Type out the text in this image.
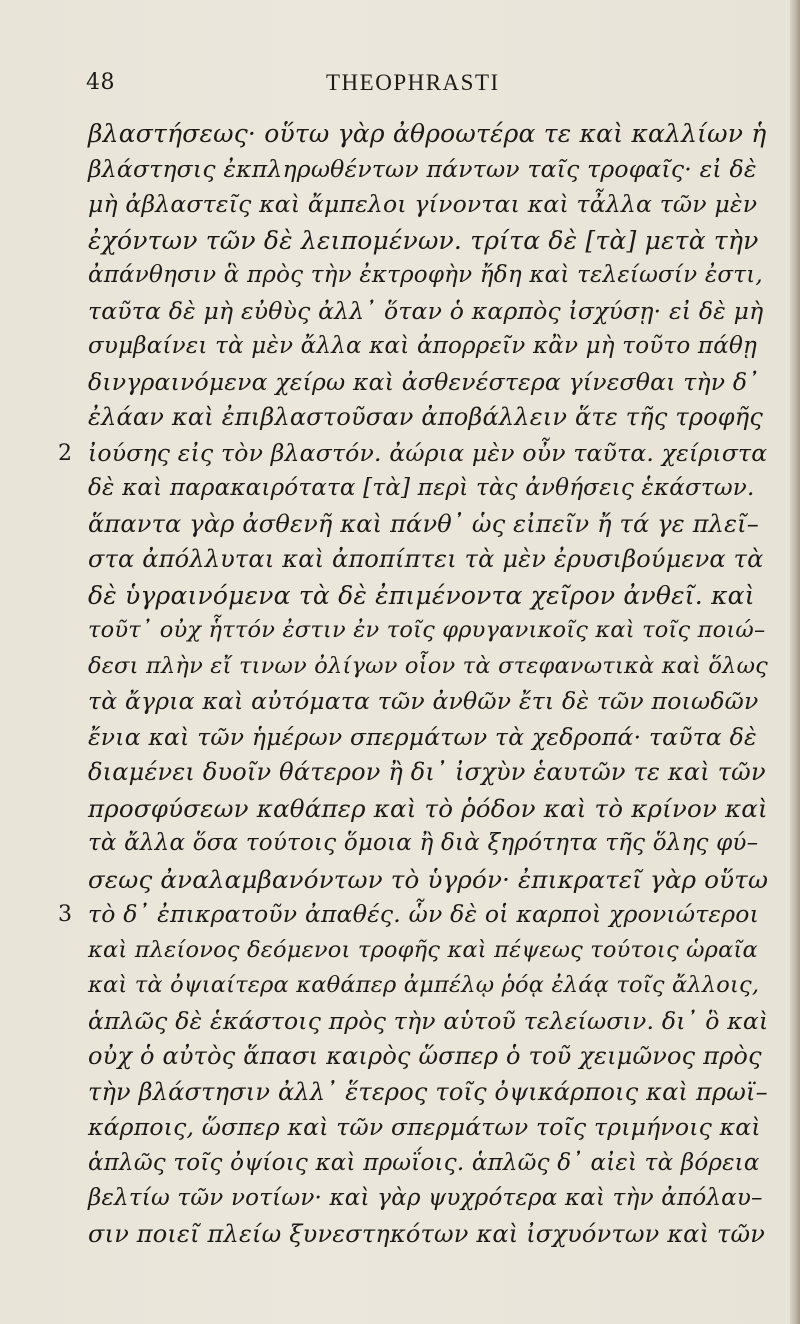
48	THEOPHRASTI
βλαστήσεως· οὕτω γὰρ ἀθροωτέρα τε καὶ καλλίων ἡ
βλάστησις ἐκπληρωθέντων πάντων ταῖς τροφαῖς· εἰ δὲ
μὴ ἀβλαστεῖς καὶ ἄμπελοι γίνονται καὶ τἆλλα τῶν μὲν
ἐχόντων τῶν δὲ λειπομένων. τρίτα δὲ [τὰ] μετὰ τὴν
ἀπάνθησιν ἃ πρὸς τὴν ἐκτροφὴν ἤδη καὶ τελείωσίν ἐστι,
ταῦτα δὲ μὴ εὐθὺς ἀλλ᾽ ὅταν ὁ καρπὸς ἰσχύσῃ· εἰ δὲ μὴ
συμβαίνει τὰ μὲν ἄλλα καὶ ἀπορρεῖν κἂν μὴ τοῦτο πάθῃ
δινγραινόμενα χείρω καὶ ἀσθενέστερα γίνεσθαι τὴν δ᾽
ἐλάαν καὶ ἐπιβλαστοῦσαν ἀποβάλλειν ἅτε τῆς τροφῆς
2 ἰούσης εἰς τὸν βλαστόν. ἀώρια μὲν οὖν ταῦτα. χείριστα
δὲ καὶ παρακαιρότατα [τὰ] περὶ τὰς ἀνθήσεις ἑκάστων.
ἅπαντα γὰρ ἀσθενῆ καὶ πάνθ᾽ ὡς εἰπεῖν ἤ τά γε πλεῖ–
στα ἀπόλλυται καὶ ἀποπίπτει τὰ μὲν ἐρυσιβούμενα τὰ
δὲ ὑγραινόμενα τὰ δὲ ἐπιμένοντα χεῖρον ἀνθεῖ. καὶ
τοῦτ᾽ οὐχ ἧττόν ἐστιν ἐν τοῖς φρυγανικοῖς καὶ τοῖς ποιώ–
δεσι πλὴν εἴ τινων ὀλίγων οἷον τὰ στεφανωτικὰ καὶ ὅλως
τὰ ἄγρια καὶ αὐτόματα τῶν ἀνθῶν ἔτι δὲ τῶν ποιωδῶν
ἔνια καὶ τῶν ἡμέρων σπερμάτων τὰ χεδροπά· ταῦτα δὲ
διαμένει δυοῖν θάτερον ἢ δι᾽ ἰσχὺν ἑαυτῶν τε καὶ τῶν
προσφύσεων καθάπερ καὶ τὸ ῥόδον καὶ τὸ κρίνον καὶ
τὰ ἄλλα ὅσα τούτοις ὅμοια ἢ διὰ ξηρότητα τῆς ὅλης φύ–
σεως ἀναλαμβανόντων τὸ ὑγρόν· ἐπικρατεῖ γὰρ οὕτω
3 τὸ δ᾽ ἐπικρατοῦν ἀπαθές. ὧν δὲ οἱ καρποὶ χρονιώτεροι
καὶ πλείονος δεόμενοι τροφῆς καὶ πέψεως τούτοις ὡραῖα
καὶ τὰ ὀψιαίτερα καθάπερ ἀμπέλῳ ῥόᾳ ἐλάᾳ τοῖς ἄλλοις,
ἁπλῶς δὲ ἑκάστοις πρὸς τὴν αὑτοῦ τελείωσιν. δι᾽ ὃ καὶ
οὐχ ὁ αὐτὸς ἅπασι καιρὸς ὥσπερ ὁ τοῦ χειμῶνος πρὸς
τὴν βλάστησιν ἀλλ᾽ ἕτερος τοῖς ὀψικάρποις καὶ πρωϊ–
κάρποις, ὥσπερ καὶ τῶν σπερμάτων τοῖς τριμήνοις καὶ
ἁπλῶς τοῖς ὀψίοις καὶ πρωΐοις. ἁπλῶς δ᾽ αἰεὶ τὰ βόρεια
βελτίω τῶν νοτίων· καὶ γὰρ ψυχρότερα καὶ τὴν ἀπόλαυ–
σιν ποιεῖ πλείω ξυνεστηκότων καὶ ἰσχυόντων καὶ τῶν
